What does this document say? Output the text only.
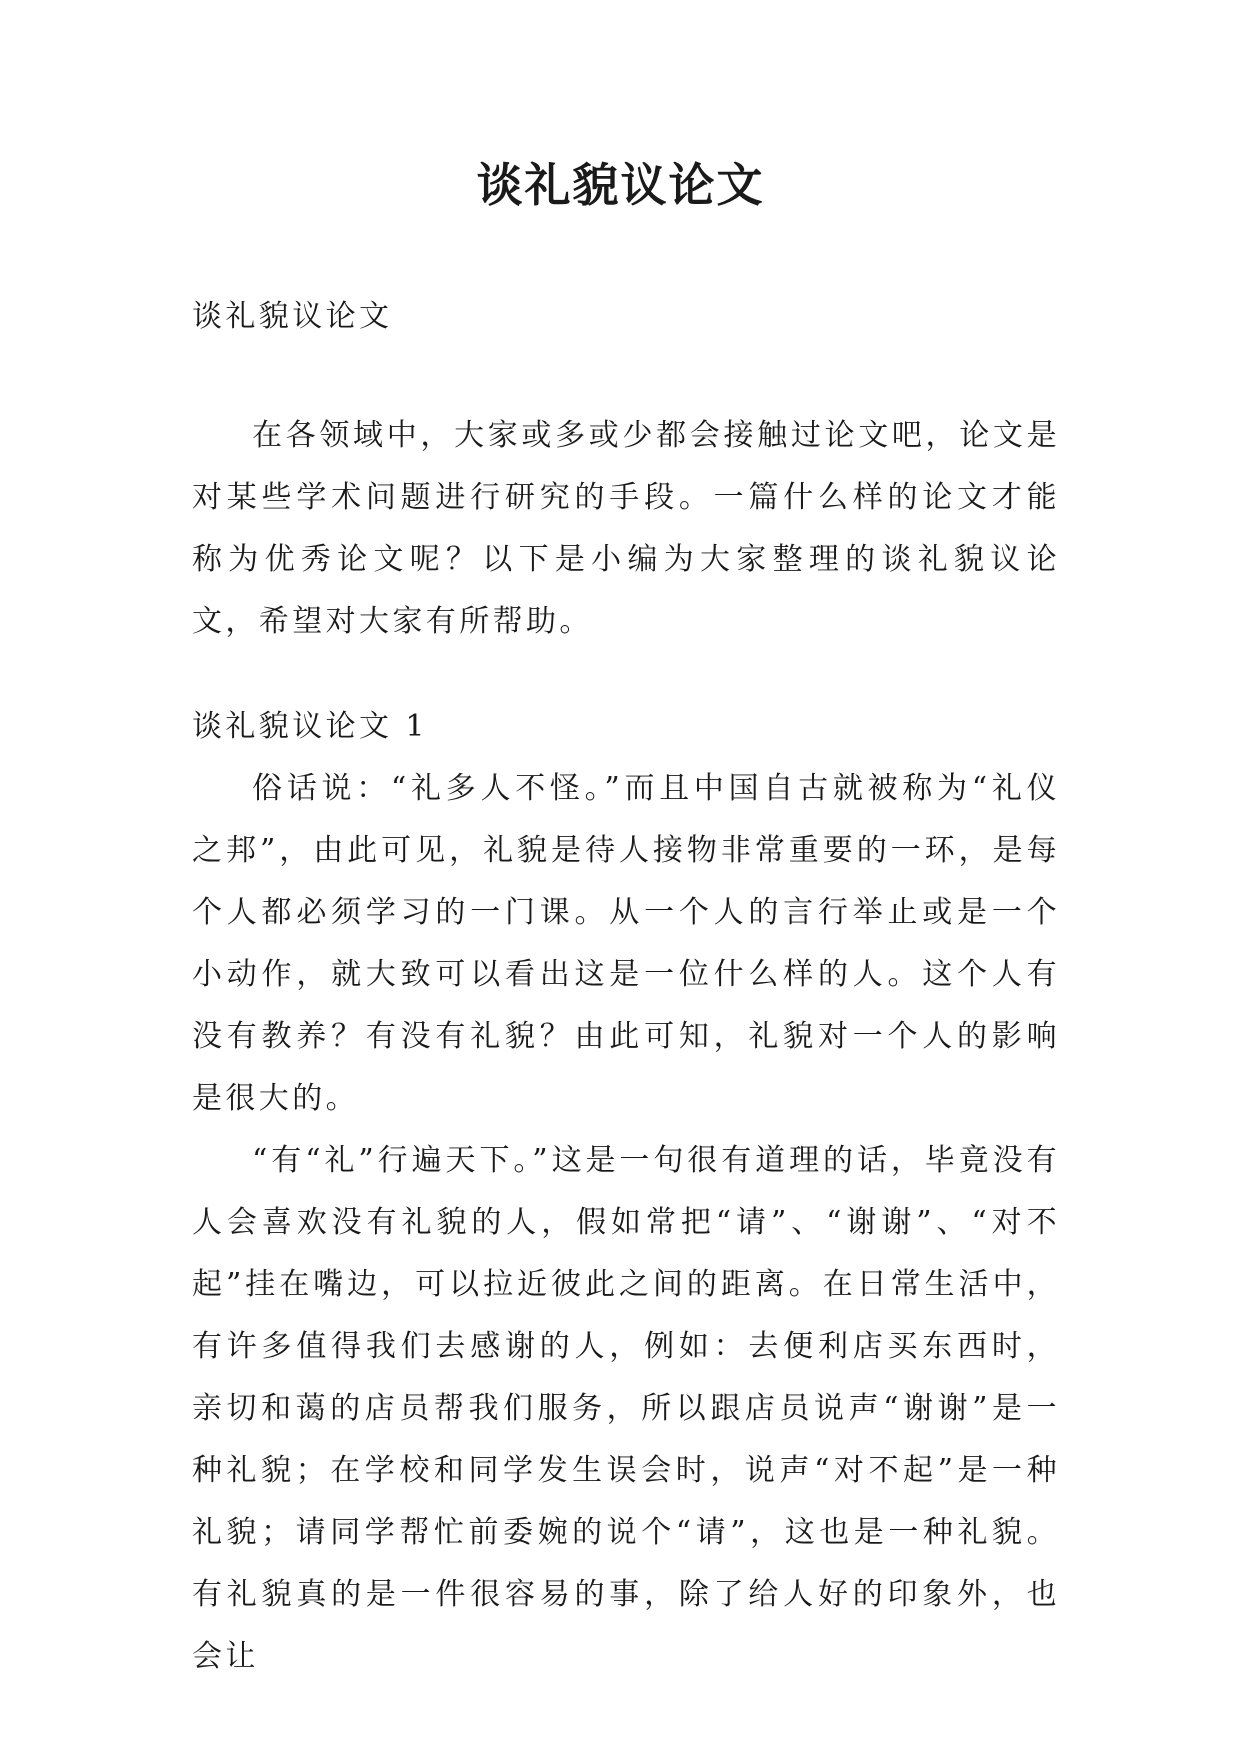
谈礼貌议论文

谈礼貌议论文

在各领域中，大家或多或少都会接触过论文吧，论文是对某些学术问题进行研究的手段。一篇什么样的论文才能称为优秀论文呢？以下是小编为大家整理的谈礼貌议论文，希望对大家有所帮助。

谈礼貌议论文 1

俗话说：“礼多人不怪。”而且中国自古就被称为“礼仪之邦”，由此可见，礼貌是待人接物非常重要的一环，是每个人都必须学习的一门课。从一个人的言行举止或是一个小动作，就大致可以看出这是一位什么样的人。这个人有没有教养？有没有礼貌？由此可知，礼貌对一个人的影响是很大的。

“有“礼”行遍天下。”这是一句很有道理的话，毕竟没有人会喜欢没有礼貌的人，假如常把“请”、“谢谢”、“对不起”挂在嘴边，可以拉近彼此之间的距离。在日常生活中，有许多值得我们去感谢的人，例如：去便利店买东西时，亲切和蔼的店员帮我们服务，所以跟店员说声“谢谢”是一种礼貌；在学校和同学发生误会时，说声“对不起”是一种礼貌；请同学帮忙前委婉的说个“请”，这也是一种礼貌。有礼貌真的是一件很容易的事，除了给人好的印象外，也会让
